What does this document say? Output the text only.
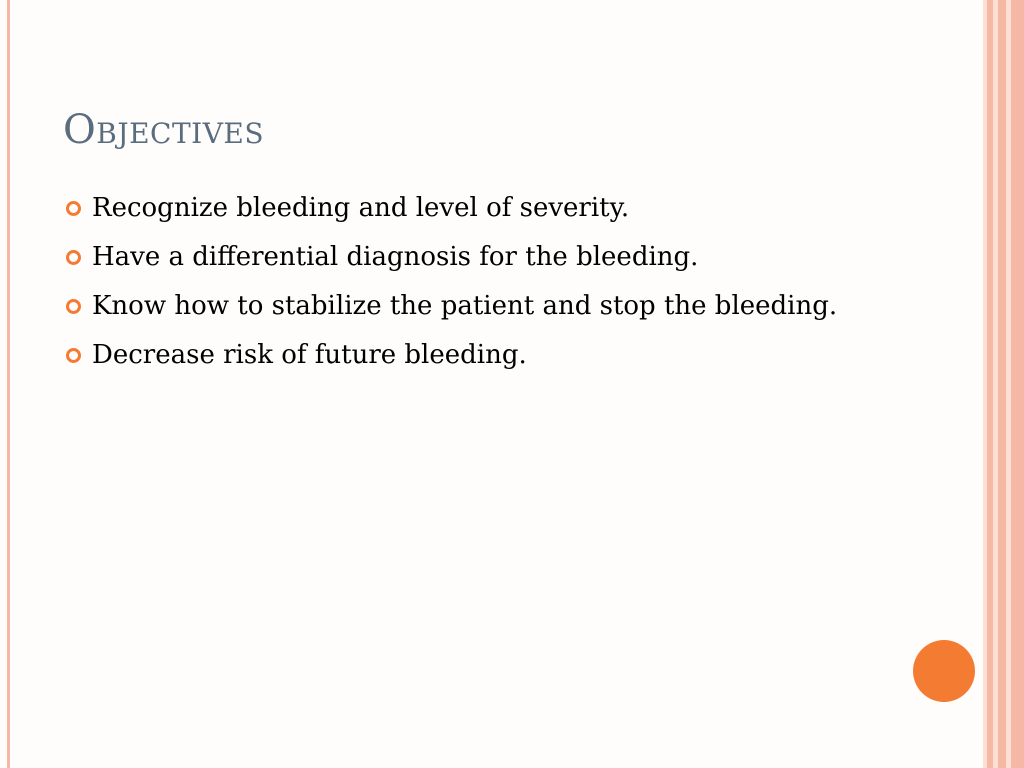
Objectives
Recognize bleeding and level of severity.
Have a differential diagnosis for the bleeding.
Know how to stabilize the patient and stop the bleeding.
Decrease risk of future bleeding.
